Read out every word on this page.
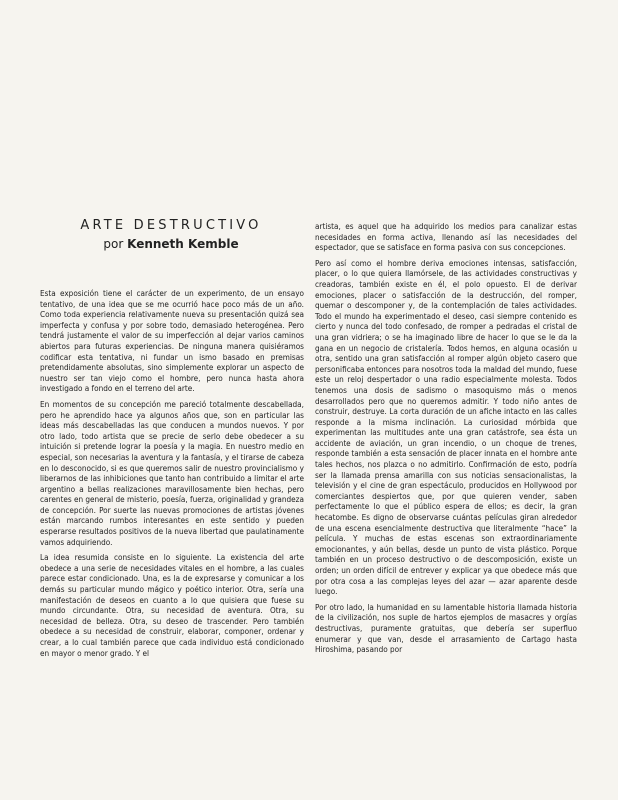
ARTE DESTRUCTIVO

por Kenneth Kemble

Esta exposición tiene el carácter de un experimento, de un ensayo tentativo, de una idea que se me ocurrió hace poco más de un año. Como toda experiencia relativamente nueva su presentación quizá sea imperfecta y confusa y por sobre todo, demasiado heterogénea. Pero tendrá justamente el valor de su imperfección al dejar varios caminos abiertos para futuras experiencias. De ninguna manera quisiéramos codificar esta tentativa, ni fundar un ismo basado en premisas pretendidamente absolutas, sino simplemente explorar un aspecto de nuestro ser tan viejo como el hombre, pero nunca hasta ahora investigado a fondo en el terreno del arte.

En momentos de su concepción me pareció totalmente descabellada, pero he aprendido hace ya algunos años que, son en particular las ideas más descabelladas las que conducen a mundos nuevos. Y por otro lado, todo artista que se precie de serlo debe obedecer a su intuición si pretende lograr la poesía y la magia. En nuestro medio en especial, son necesarias la aventura y la fantasía, y el tirarse de cabeza en lo desconocido, si es que queremos salir de nuestro provincialismo y liberarnos de las inhibiciones que tanto han contribuido a limitar el arte argentino a bellas realizaciones maravillosamente bien hechas, pero carentes en general de misterio, poesía, fuerza, originalidad y grandeza de concepción. Por suerte las nuevas promociones de artistas jóvenes están marcando rumbos interesantes en este sentido y pueden esperarse resultados positivos de la nueva libertad que paulatinamente vamos adquiriendo.

La idea resumida consiste en lo siguiente. La existencia del arte obedece a una serie de necesidades vitales en el hombre, a las cuales parece estar condicionado. Una, es la de expresarse y comunicar a los demás su particular mundo mágico y poético interior. Otra, sería una manifestación de deseos en cuanto a lo que quisiera que fuese su mundo circundante. Otra, su necesidad de aventura. Otra, su necesidad de belleza. Otra, su deseo de trascender. Pero también obedece a su necesidad de construir, elaborar, componer, ordenar y crear, a lo cual también parece que cada individuo está condicionado en mayor o menor grado. Y el

artista, es aquel que ha adquirido los medios para canalizar estas necesidades en forma activa, llenando así las necesidades del espectador, que se satisface en forma pasiva con sus concepciones.

Pero así como el hombre deriva emociones intensas, satisfacción, placer, o lo que quiera llamórsele, de las actividades constructivas y creadoras, también existe en él, el polo opuesto. El de derivar emociones, placer o satisfacción de la destrucción, del romper, quemar o descomponer y, de la contemplación de tales actividades. Todo el mundo ha experimentado el deseo, casi siempre contenido es cierto y nunca del todo confesado, de romper a pedradas el cristal de una gran vidriera; o se ha imaginado libre de hacer lo que se le da la gana en un negocio de cristalería. Todos hemos, en alguna ocasión u otra, sentido una gran satisfacción al romper algún objeto casero que personificaba entonces para nosotros toda la maldad del mundo, fuese este un reloj despertador o una radio especialmente molesta. Todos tenemos una dosis de sadismo o masoquismo más o menos desarrollados pero que no queremos admitir. Y todo niño antes de construir, destruye. La corta duración de un afiche intacto en las calles responde a la misma inclinación. La curiosidad mórbida que experimentan las multitudes ante una gran catástrofe, sea ésta un accidente de aviación, un gran incendio, o un choque de trenes, responde también a esta sensación de placer innata en el hombre ante tales hechos, nos plazca o no admitirlo. Confirmación de esto, podría ser la llamada prensa amarilla con sus noticias sensacionalistas, la televisión y el cine de gran espectáculo, producidos en Hollywood por comerciantes despiertos que, por que quieren vender, saben perfectamente lo que el público espera de ellos; es decir, la gran hecatombe. Es digno de observarse cuántas películas giran alrededor de una escena esencialmente destructiva que literalmente “hace” la película. Y muchas de estas escenas son extraordinariamente emocionantes, y aún bellas, desde un punto de vista plástico. Porque también en un proceso destructivo o de descomposición, existe un orden; un orden difícil de entrever y explicar ya que obedece más que por otra cosa a las complejas leyes del azar — azar aparente desde luego.

Por otro lado, la humanidad en su lamentable historia llamada historia de la civilización, nos suple de hartos ejemplos de masacres y orgías destructivas, puramente gratuitas, que debería ser superfluo enumerar y que van, desde el arrasamiento de Cartago hasta Hiroshima, pasando por
